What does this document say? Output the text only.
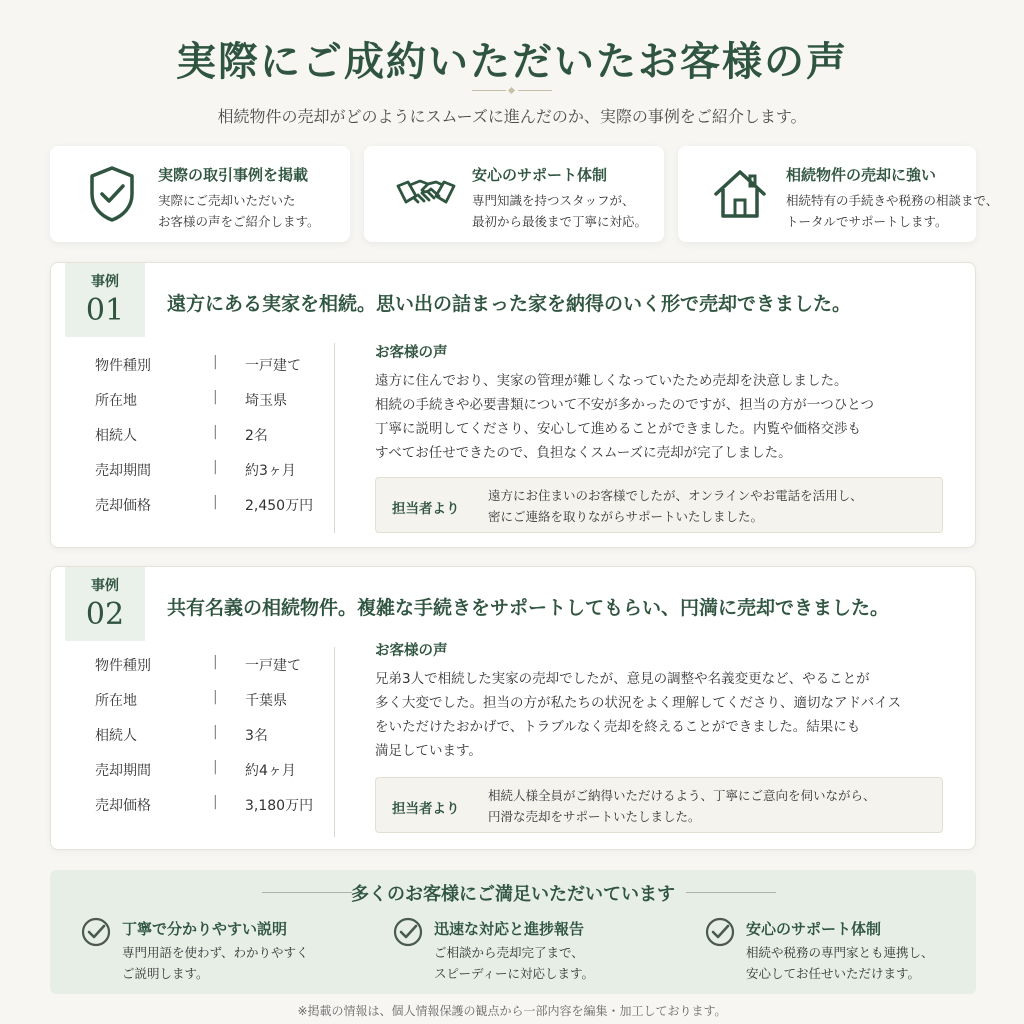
実際にご成約いただいたお客様の声

相続物件の売却がどのようにスムーズに進んだのか、実際の事例をご紹介します。

実際の取引事例を掲載
実際にご売却いただいた
お客様の声をご紹介します。
安心のサポート体制
専門知識を持つスタッフが、
最初から最後まで丁寧に対応。
相続物件の売却に強い
相続特有の手続きや税務の相談まで、
トータルでサポートします。
事例
01	遠方にある実家を相続。思い出の詰まった家を納得のいく形で売却できました。
物件種別	| 一戸建て
所在地	| 埼玉県
相続人	| 2名
売却期間	| 約3ヶ月
売却価格	| 2,450万円
お客様の声
遠方に住んでおり、実家の管理が難しくなっていたため売却を決意しました。
相続の手続きや必要書類について不安が多かったのですが、担当の方が一つひとつ
丁寧に説明してくださり、安心して進めることができました。内覧や価格交渉も
すべてお任せできたので、負担なくスムーズに売却が完了しました。
担当者より
遠方にお住まいのお客様でしたが、オンラインやお電話を活用し、
密にご連絡を取りながらサポートいたしました。
事例
02	共有名義の相続物件。複雑な手続きをサポートしてもらい、円満に売却できました。
物件種別	| 一戸建て
所在地	| 千葉県
相続人	| 3名
売却期間	| 約4ヶ月
売却価格	| 3,180万円
お客様の声
兄弟3人で相続した実家の売却でしたが、意見の調整や名義変更など、やることが
多く大変でした。担当の方が私たちの状況をよく理解してくださり、適切なアドバイス
をいただけたおかげで、トラブルなく売却を終えることができました。結果にも
満足しています。
担当者より
相続人様全員がご納得いただけるよう、丁寧にご意向を伺いながら、
円滑な売却をサポートいたしました。
多くのお客様にご満足いただいています
丁寧で分かりやすい説明
専門用語を使わず、わかりやすく
ご説明します。
迅速な対応と進捗報告
ご相談から売却完了まで、
スピーディーに対応します。
安心のサポート体制
相続や税務の専門家とも連携し、
安心してお任せいただけます。

※掲載の情報は、個人情報保護の観点から一部内容を編集・加工しております。
